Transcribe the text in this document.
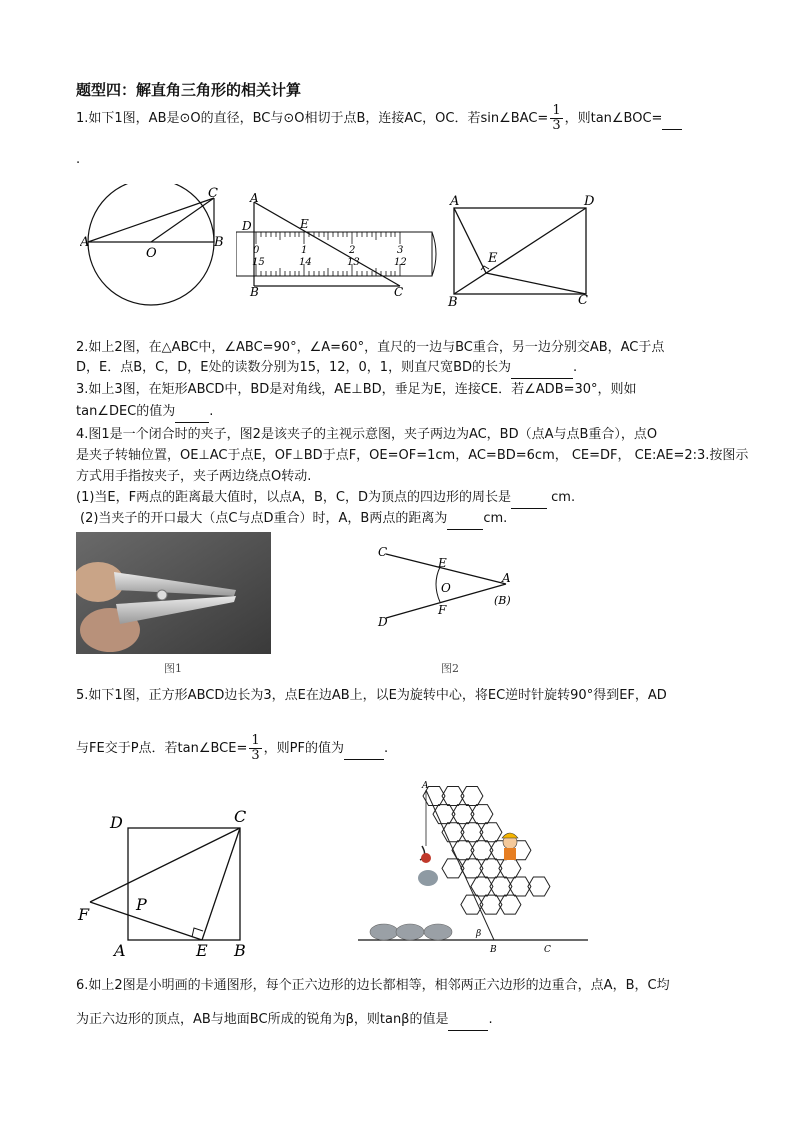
题型四：解直角三角形的相关计算
1.如下1图，AB是⊙O的直径，BC与⊙O相切于点B，连接AC，OC．若sin∠BAC= $\frac{1}{3}$ ，则tan∠BOC=
.
A	B
C
O
A
D	E
B	C
0	1	2	3
15	14	13	12
A	D
B	C
E
2.如上2图，在△ABC中，∠ABC=90°，∠A=60°，直尺的一边与BC重合，另一边分别交AB，AC于点
D，E．点B，C，D，E处的读数分别为15，12，0，1，则直尺宽BD的长为	.
3.如上3图，在矩形ABCD中，BD是对角线，AE⊥BD，垂足为E，连接CE．若∠ADB=30°，则如
tan∠DEC的值为	.
4.图1是一个闭合时的夹子，图2是该夹子的主视示意图，夹子两边为AC，BD（点A与点B重合），点O
是夹子转轴位置，OE⊥AC于点E，OF⊥BD于点F，OE=OF=1cm，AC=BD=6cm， CE=DF， CE:AE=2:3.按图示
方式用手指按夹子，夹子两边绕点O转动.
(1)当E，F两点的距离最大值时，以点A，B，C，D为顶点的四边形的周长是	cm.
(2)当夹子的开口最大（点C与点D重合）时，A，B两点的距离为	cm.
图1
C
D
E
F
O
A
(B)
图2
5.如下1图，正方形ABCD边长为3，点E在边AB上，以E为旋转中心，将EC逆时针旋转90°得到EF，AD
与FE交于P点．若tan∠BCE= $\frac{1}{3}$ ，则PF的值为	.
D	C
F
P
A	E B
A
B	C
β
6.如上2图是小明画的卡通图形，每个正六边形的边长都相等，相邻两正六边形的边重合，点A，B，C均
为正六边形的顶点，AB与地面BC所成的锐角为β，则tanβ的值是	.
